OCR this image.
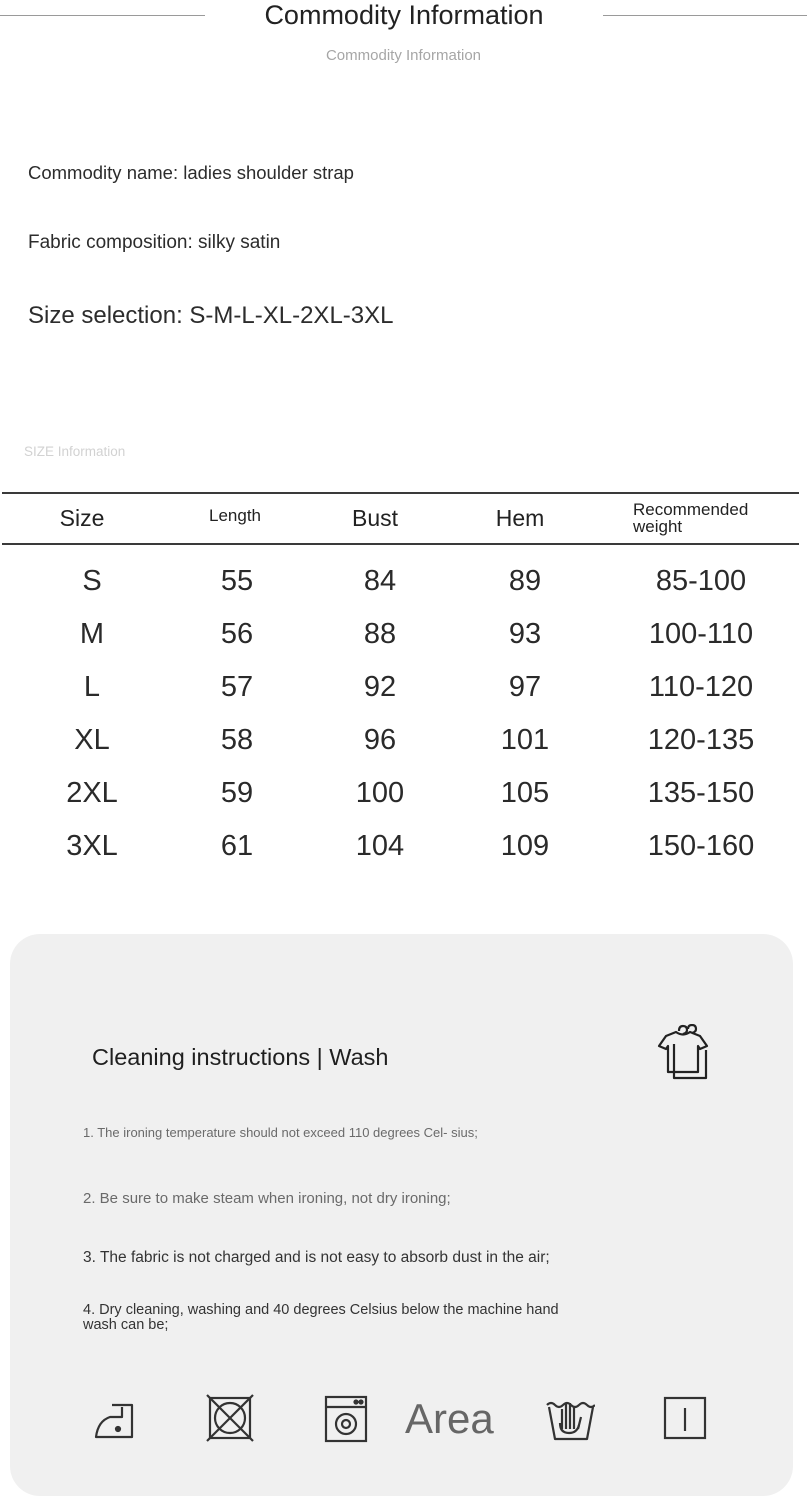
Commodity Information
Commodity Information
Commodity name: ladies shoulder strap
Fabric composition: silky satin
Size selection: S-M-L-XL-2XL-3XL
SIZE Information
Size	Length	Bust	Hem	Recommended
weight
S	55	84	89	85-100
M	56	88	93	100-110
L	57	92	97	110-120
XL	58	96	101	120-135
2XL	59	100	105	135-150
3XL	61	104	109	150-160
Cleaning instructions | Wash
1. The ironing temperature should not exceed 110 degrees Cel- sius;
2. Be sure to make steam when ironing, not dry ironing;
3. The fabric is not charged and is not easy to absorb dust in the air;
4. Dry cleaning, washing and 40 degrees Celsius below the machine hand wash can be;
Area
